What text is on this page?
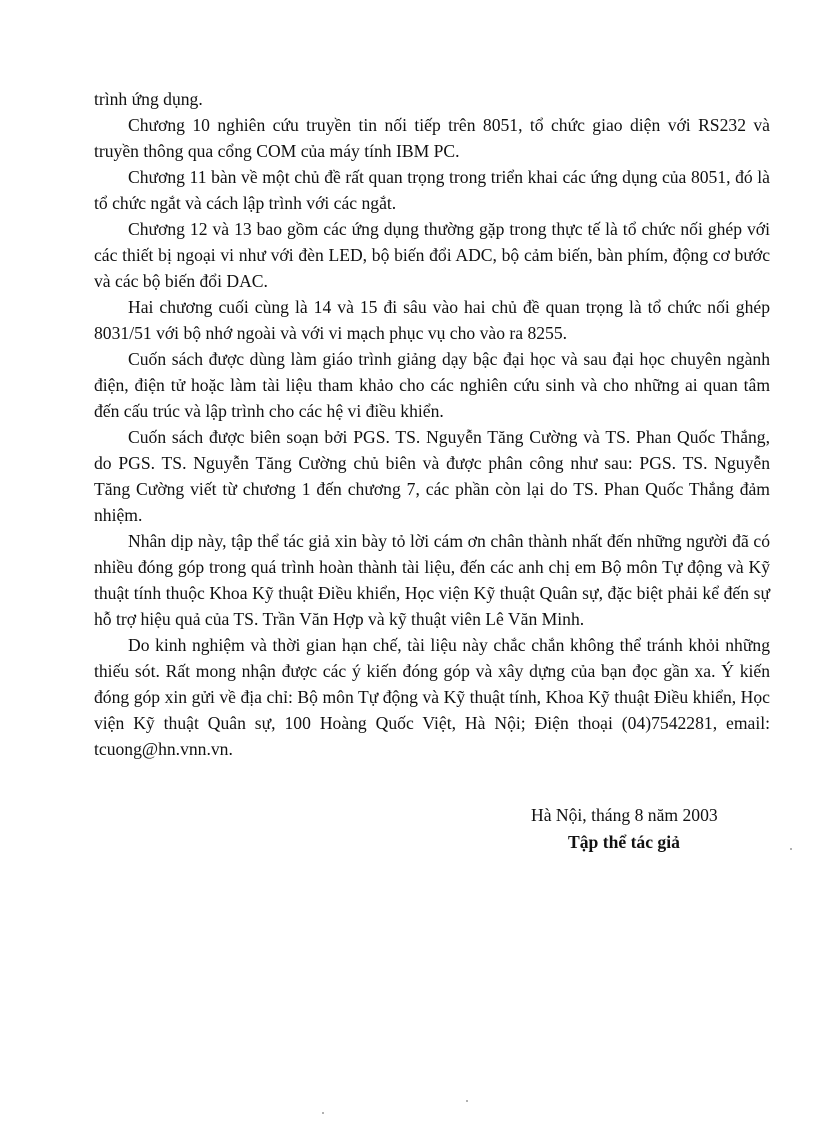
trình ứng dụng.

Chương 10 nghiên cứu truyền tin nối tiếp trên 8051, tổ chức giao diện với RS232 và truyền thông qua cổng COM của máy tính IBM PC.

Chương 11 bàn về một chủ đề rất quan trọng trong triển khai các ứng dụng của 8051, đó là tổ chức ngắt và cách lập trình với các ngắt.

Chương 12 và 13 bao gồm các ứng dụng thường gặp trong thực tế là tổ chức nối ghép với các thiết bị ngoại vi như với đèn LED, bộ biến đổi ADC, bộ cảm biến, bàn phím, động cơ bước và các bộ biến đổi DAC.

Hai chương cuối cùng là 14 và 15 đi sâu vào hai chủ đề quan trọng là tổ chức nối ghép 8031/51 với bộ nhớ ngoài và với vi mạch phục vụ cho vào ra 8255.

Cuốn sách được dùng làm giáo trình giảng dạy bậc đại học và sau đại học chuyên ngành điện, điện tử hoặc làm tài liệu tham khảo cho các nghiên cứu sinh và cho những ai quan tâm đến cấu trúc và lập trình cho các hệ vi điều khiển.

Cuốn sách được biên soạn bởi PGS. TS. Nguyễn Tăng Cường và TS. Phan Quốc Thắng, do PGS. TS. Nguyễn Tăng Cường chủ biên và được phân công như sau: PGS. TS. Nguyễn Tăng Cường viết từ chương 1 đến chương 7, các phần còn lại do TS. Phan Quốc Thắng đảm nhiệm.

Nhân dịp này, tập thể tác giả xin bày tỏ lời cám ơn chân thành nhất đến những người đã có nhiều đóng góp trong quá trình hoàn thành tài liệu, đến các anh chị em Bộ môn Tự động và Kỹ thuật tính thuộc Khoa Kỹ thuật Điều khiển, Học viện Kỹ thuật Quân sự, đặc biệt phải kể đến sự hỗ trợ hiệu quả của TS. Trần Văn Hợp và kỹ thuật viên Lê Văn Minh.

Do kinh nghiệm và thời gian hạn chế, tài liệu này chắc chắn không thể tránh khỏi những thiếu sót. Rất mong nhận được các ý kiến đóng góp và xây dựng của bạn đọc gần xa. Ý kiến đóng góp xin gửi về địa chỉ: Bộ môn Tự động và Kỹ thuật tính, Khoa Kỹ thuật Điều khiển, Học viện Kỹ thuật Quân sự, 100 Hoàng Quốc Việt, Hà Nội; Điện thoại (04)7542281, email: tcuong@hn.vnn.vn.

Hà Nội, tháng 8 năm 2003
Tập thể tác giả
